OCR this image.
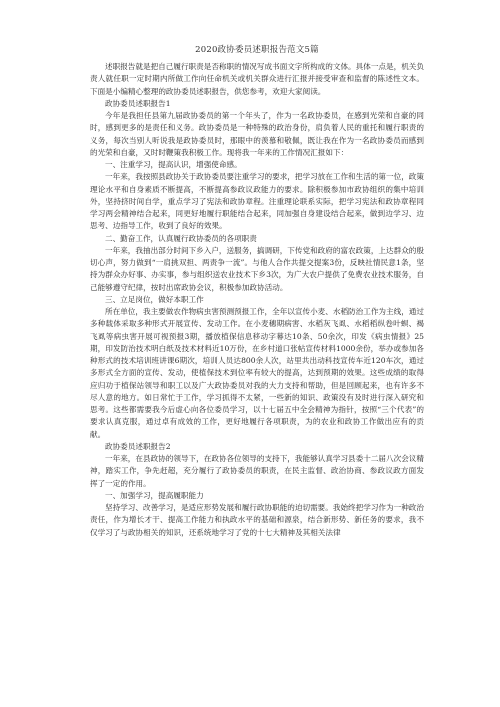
2020政协委员述职报告范文5篇

述职报告就是把自己履行职责是否称职的情况写成书面文字所构成的文体。具体一点是，机关负责人就任职一定时期内所做工作向任命机关或机关群众进行汇报并接受审查和监督的陈述性文本。下面是小编精心整理的政协委员述职报告，供您参考，欢迎大家阅读。

政协委员述职报告1

今年是我担任县第九届政协委员的第一个年头了，作为一名政协委员，在感到光荣和自豪的同时，感到更多的是责任和义务。政协委员是一种特殊的政治身份，肩负着人民的重托和履行职责的义务，每次当别人听说我是政协委员时，那眼中的羡慕和敬佩，既让我在作为一名政协委员而感到的光荣和自豪，又时时鞭策我积极工作。现将我一年来的工作情况汇报如下：

一、注重学习，提高认识，增强使命感。

一年来，我按照县政协关于政协委员要注重学习的要求，把学习放在工作和生活的第一位，政策理论水平和自身素质不断提高，不断提高参政议政能力的要求。除积极参加市政协组织的集中培训外，坚持挤时间自学，重点学习了宪法和政协章程。注重理论联系实际，把学习宪法和政协章程同学习两会精神结合起来，同更好地履行职能结合起来，同加强自身建设结合起来，做到边学习、边思考、边指导工作，收到了良好的效果。

二、勤奋工作，认真履行政协委员的各项职责

一年来，我抽出部分时间下乡入户，送服务，搞调研，下传党和政府的富农政策，上达群众的殷切心声，努力做到“一肩挑双担、两责争一流”。与他人合作共提交提案3份，反映社情民意1条，坚持为群众办好事、办实事，参与组织送农业技术下乡3次，为广大农户提供了免费农业技术服务，自己能够遵守纪律，按时出席政协会议，积极参加政协活动。

三、立足岗位，做好本职工作

所在单位，我主要做农作物病虫害预测预报工作，全年以宣传小麦、水稻防治工作为主线，通过多种载体采取多种形式开展宣传、发动工作。在小麦穗期病害、水稻灰飞虱、水稻稻纵卷叶螟、褐飞虱等病虫害开展可视预报3期，播放植保信息移动字幕达10条、50余次，印发《病虫情报》25期，印发防治技术明白纸及技术材料近10万份，在乡村道口张帖宣传材料1000余份，举办或参加各种形式的技术培训班讲课6期次，培训人员达800余人次，站里共出动科技宣传车近120车次，通过多形式全方面的宣传、发动，使植保技术到位率有较大的提高，达到预期的效果。这些成绩的取得应归功于植保站领导和职工以及广大政协委员对我的大力支持和帮助，但是回顾起来，也有许多不尽人意的地方。如日常忙于工作，学习抓得不太紧，一些新的知识、政策没有及时进行深入研究和思考。这些都需要我今后虚心向各位委员学习，以十七届五中全会精神为指针，按照“三个代表”的要求认真克服，通过卓有成效的工作，更好地履行各项职责，为的农业和政协工作做出应有的贡献。

政协委员述职报告2

一年来，在县政协的领导下，在政协各位领导的支持下，我能够认真学习县委十二届八次会议精神，踏实工作，争先赶超，充分履行了政协委员的职责，在民主监督、政治协商、参政议政方面发挥了一定的作用。

一、加强学习，提高履职能力

坚持学习、改善学习，是适应形势发展和履行政协职能的迫切需要。我始终把学习作为一种政治责任，作为增长才干、提高工作能力和执政水平的基础和源泉，结合新形势、新任务的要求，我不仅学习了与政协相关的知识，还系统地学习了党的十七大精神及其相关法律
